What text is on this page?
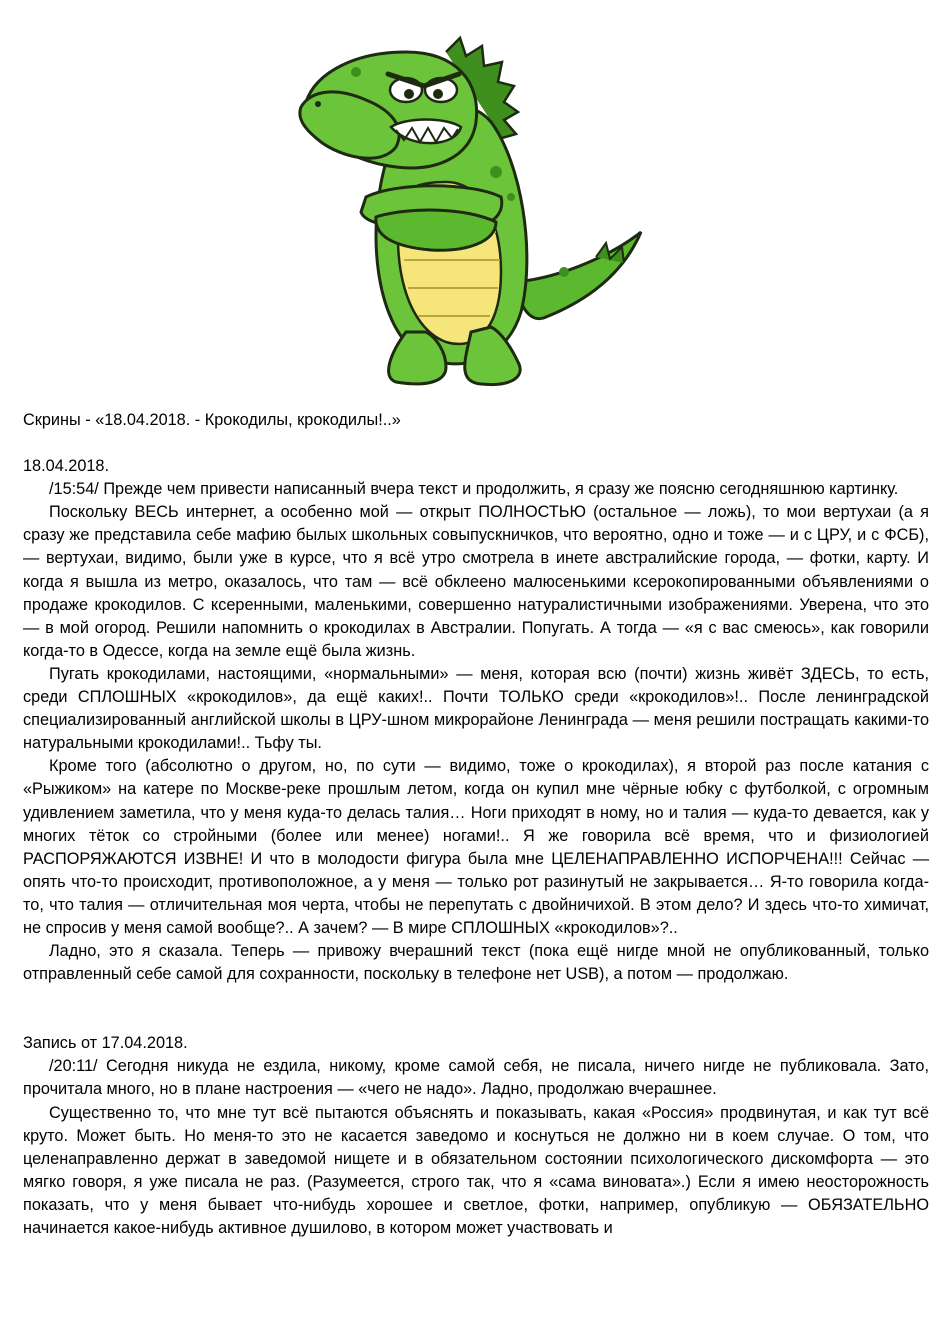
Скрины - «18.04.2018. - Крокодилы, крокодилы!..»

18.04.2018.

/15:54/ Прежде чем привести написанный вчера текст и продолжить, я сразу же поясню сегодняшнюю картинку.

Поскольку ВЕСЬ интернет, а особенно мой — открыт ПОЛНОСТЬЮ (остальное — ложь), то мои вертухаи (а я сразу же представила себе мафию былых школьных совыпускничков, что вероятно, одно и тоже — и с ЦРУ, и с ФСБ), — вертухаи, видимо, были уже в курсе, что я всё утро смотрела в инете австралийские города, — фотки, карту. И когда я вышла из метро, оказалось, что там — всё обклеено малюсенькими ксерокопированными объявлениями о продаже крокодилов. С ксеренными, маленькими, совершенно натуралистичными изображениями. Уверена, что это — в мой огород. Решили напомнить о крокодилах в Австралии. Попугать. А тогда — «я с вас смеюсь», как говорили когда-то в Одессе, когда на земле ещё была жизнь.

Пугать крокодилами, настоящими, «нормальными» — меня, которая всю (почти) жизнь живёт ЗДЕСЬ, то есть, среди СПЛОШНЫХ «крокодилов», да ещё каких!.. Почти ТОЛЬКО среди «крокодилов»!.. После ленинградской специализированный английской школы в ЦРУ-шном микрорайоне Ленинграда — меня решили постращать какими-то натуральными крокодилами!.. Тьфу ты.

Кроме того (абсолютно о другом, но, по сути — видимо, тоже о крокодилах), я второй раз после катания с «Рыжиком» на катере по Москве-реке прошлым летом, когда он купил мне чёрные юбку с футболкой, с огромным удивлением заметила, что у меня куда-то делась талия… Ноги приходят в ному, но и талия — куда-то девается, как у многих тёток со стройными (более или менее) ногами!.. Я же говорила всё время, что и физиологией РАСПОРЯЖАЮТСЯ ИЗВНЕ! И что в молодости фигура была мне ЦЕЛЕНАПРАВЛЕННО ИСПОРЧЕНА!!! Сейчас — опять что-то происходит, противоположное, а у меня — только рот разинутый не закрывается… Я-то говорила когда-то, что талия — отличительная моя черта, чтобы не перепутать с двойничихой. В этом дело? И здесь что-то химичат, не спросив у меня самой вообще?.. А зачем? — В мире СПЛОШНЫХ «крокодилов»?..

Ладно, это я сказала. Теперь — привожу вчерашний текст (пока ещё нигде мной не опубликованный, только отправленный себе самой для сохранности, поскольку в телефоне нет USB), а потом — продолжаю.

Запись от 17.04.2018.

/20:11/ Сегодня никуда не ездила, никому, кроме самой себя, не писала, ничего нигде не публиковала. Зато, прочитала много, но в плане настроения — «чего не надо». Ладно, продолжаю вчерашнее.

Существенно то, что мне тут всё пытаются объяснять и показывать, какая «Россия» продвинутая, и как тут всё круто. Может быть. Но меня-то это не касается заведомо и коснуться не должно ни в коем случае. О том, что целенаправленно держат в заведомой нищете и в обязательном состоянии психологического дискомфорта — это мягко говоря, я уже писала не раз. (Разумеется, строго так, что я «сама виновата».) Если я имею неосторожность показать, что у меня бывает что-нибудь хорошее и светлое, фотки, например, опубликую — ОБЯЗАТЕЛЬНО начинается какое-нибудь активное душилово, в котором может участвовать и
